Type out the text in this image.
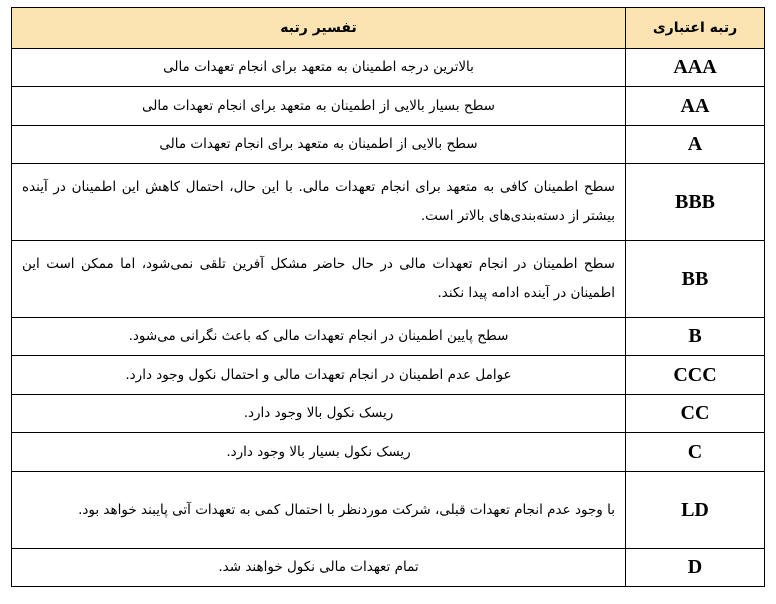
رتبه اعتباری	تفسیر رتبه
AAA	بالاترین درجه اطمینان به متعهد برای انجام تعهدات مالی
AA	سطح بسیار بالایی از اطمینان به متعهد برای انجام تعهدات مالی
A	سطح بالایی از اطمینان به متعهد برای انجام تعهدات مالی
BBB	سطح اطمینان کافی به متعهد برای انجام تعهدات مالی. با این حال، احتمال کاهش این اطمینان در آینده بیشتر از دسته‌بندی‌های بالاتر است.
BB	سطح اطمینان در انجام تعهدات مالی در حال حاضر مشکل آفرین تلقی نمی‌شود، اما ممکن است این اطمینان در آینده ادامه پیدا نکند.
B	سطح پایین اطمینان در انجام تعهدات مالی که باعث نگرانی می‌شود.
CCC	عوامل عدم اطمینان در انجام تعهدات مالی و احتمال نکول وجود دارد.
CC	ریسک نکول بالا وجود دارد.
C	ریسک نکول بسیار بالا وجود دارد.
LD	با وجود عدم انجام تعهدات قبلی، شرکت موردنظر با احتمال کمی به تعهدات آتی پایبند خواهد بود.
D	تمام تعهدات مالی نکول خواهند شد.
